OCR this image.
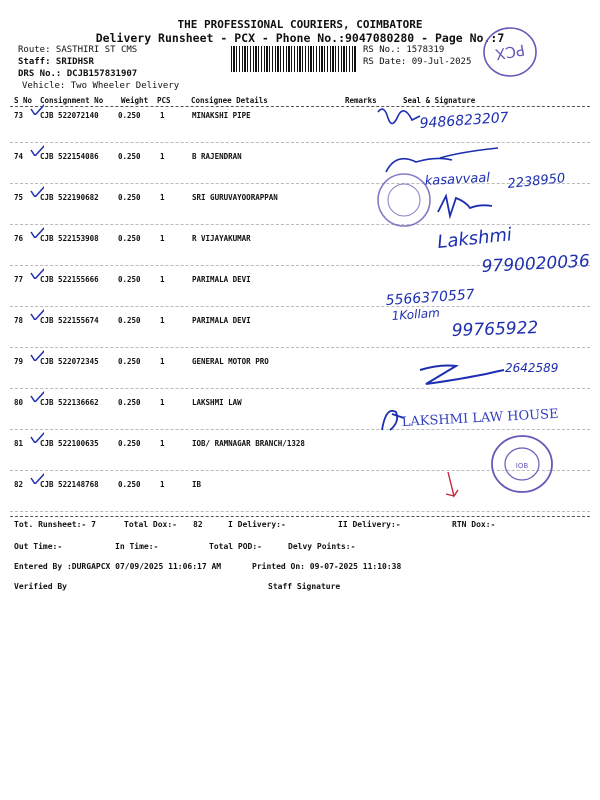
THE PROFESSIONAL COURIERS, COIMBATORE
Delivery Runsheet - PCX - Phone No.:9047080280 - Page No.:7
Route: SASTHIRI ST CMS
Staff: SRIDHSR
DRS No.: DCJB157831907
Vehicle: Two Wheeler Delivery
RS No.: 1578319
RS Date: 09-Jul-2025 PCX
S No Consignment No Weight PCS	Consignee Details	Remarks	Seal & Signature
73 CJB 522072140	0.250	1	MINAKSHI PIPE
74 CJB 522154086	0.250	1	B RAJENDRAN
75 CJB 522190682	0.250	1	SRI GURUVAYOORAPPAN
76 CJB 522153908	0.250	1	R VIJAYAKUMAR
77 CJB 522155666	0.250	1	PARIMALA DEVI
78 CJB 522155674	0.250	1	PARIMALA DEVI
79 CJB 522072345	0.250	1	GENERAL MOTOR PRO
80 CJB 522136662	0.250	1	LAKSHMI LAW
81 CJB 522100635	0.250	1	IOB/ RAMNAGAR BRANCH/1328
82 CJB 522148768	0.250	1	IB
9486823207
kasavvaal 2238950
Lakshmi
9790020036
5566370557
1Kollam
99765922
2642589
LAKSHMI LAW HOUSE
IOB
Tot. Runsheet:- 7	Total Dox:- 82	I Delivery:-	II Delivery:-	RTN Dox:-
Out Time:-	In Time:-	Total POD:-	Delvy Points:-
Entered By :DURGAPCX 07/09/2025 11:06:17 AM	Printed On: 09-07-2025 11:10:38
Verified By	Staff Signature
